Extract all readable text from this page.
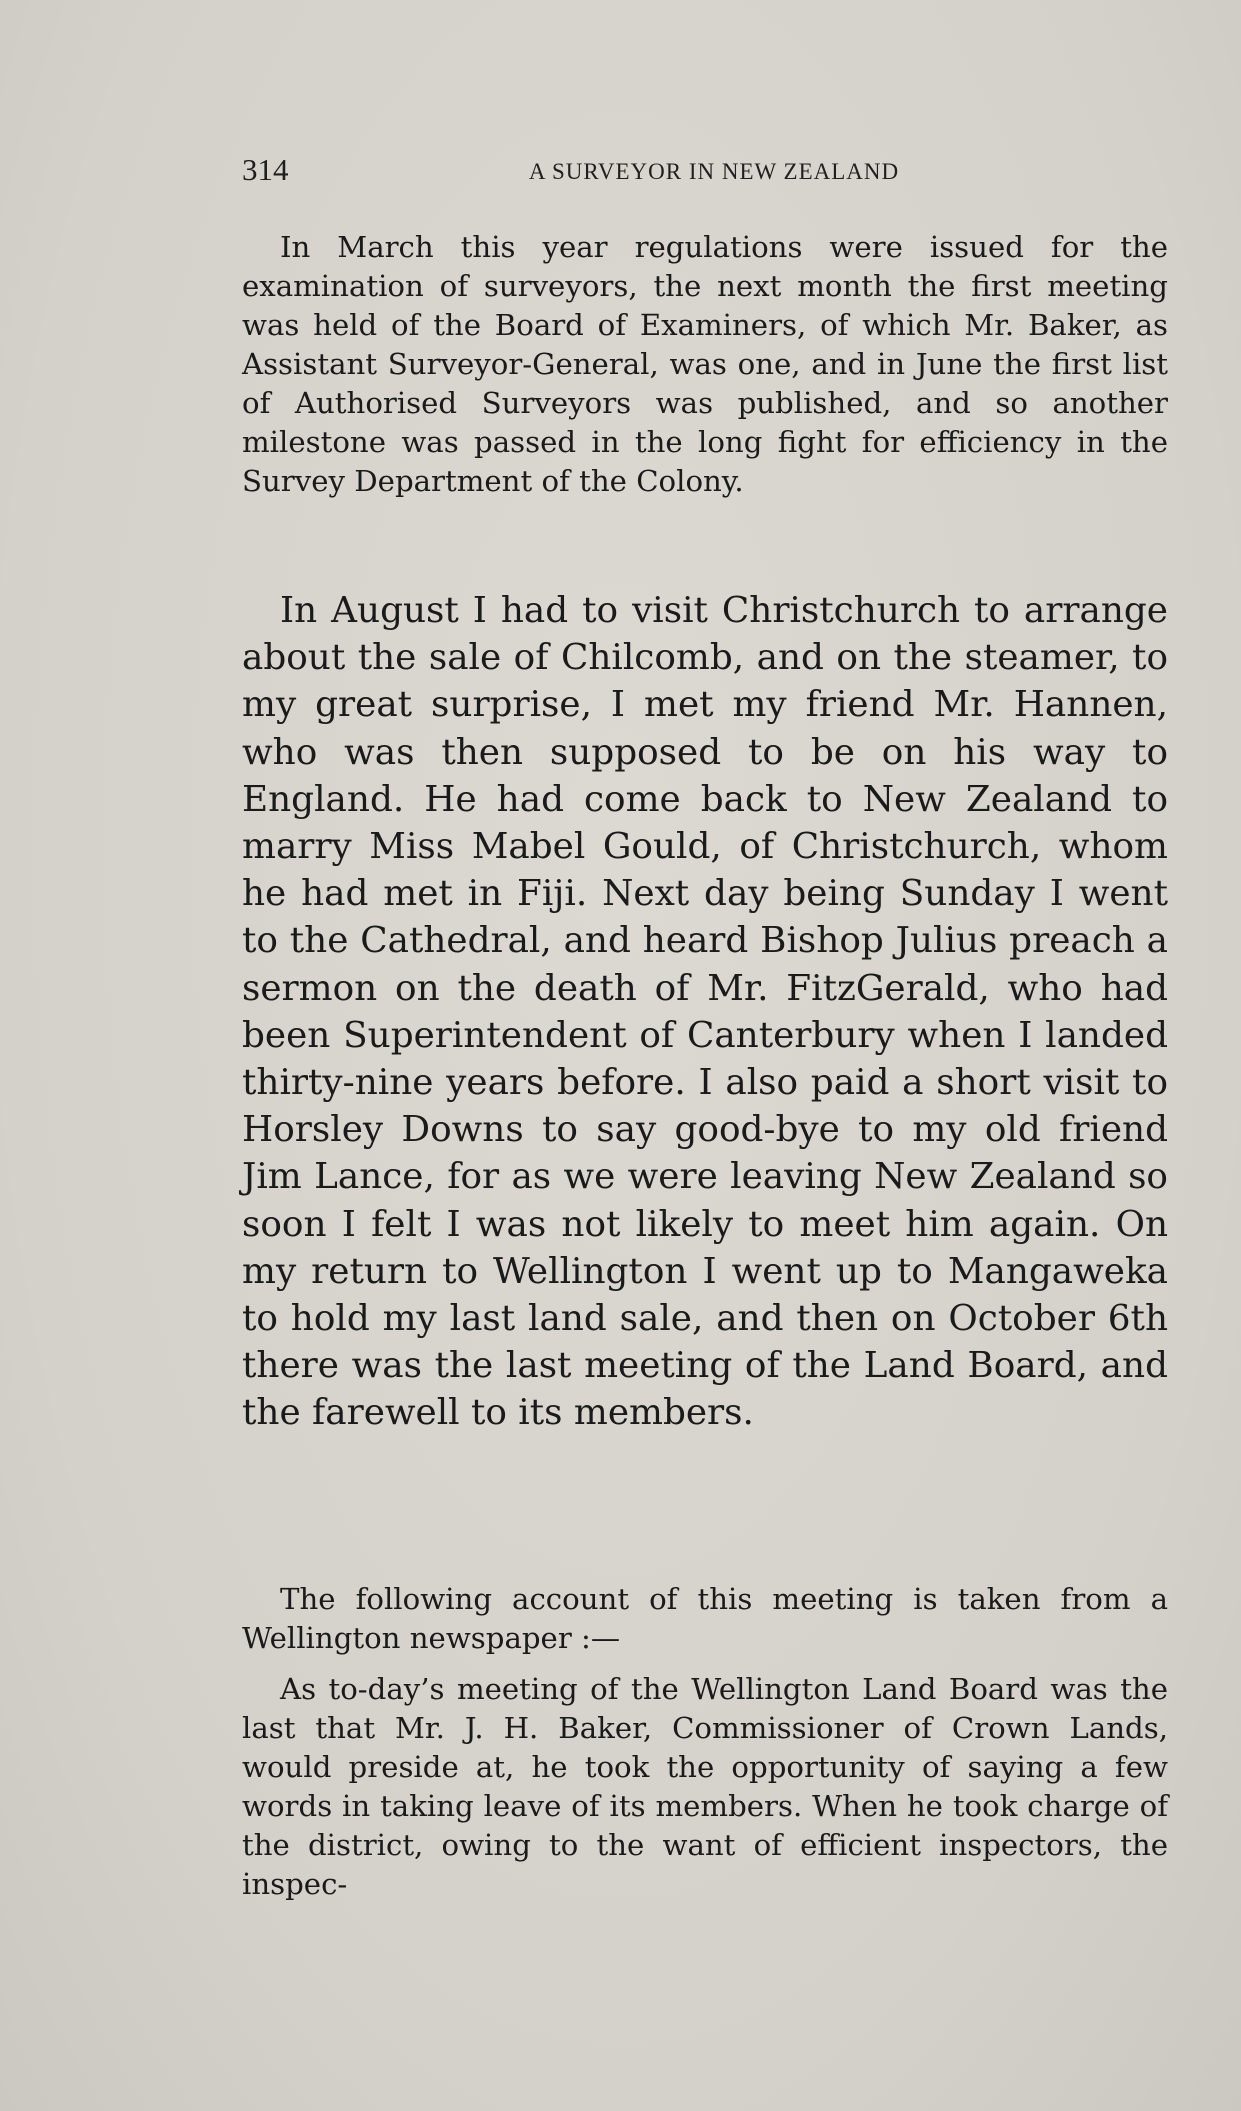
314	A SURVEYOR IN NEW ZEALAND

In March this year regulations were issued for the examination of surveyors, the next month the first meeting was held of the Board of Examiners, of which Mr. Baker, as Assistant Surveyor-General, was one, and in June the first list of Authorised Surveyors was published, and so another milestone was passed in the long fight for efficiency in the Survey Department of the Colony.

In August I had to visit Christchurch to arrange about the sale of Chilcomb, and on the steamer, to my great surprise, I met my friend Mr. Hannen, who was then supposed to be on his way to England. He had come back to New Zealand to marry Miss Mabel Gould, of Christchurch, whom he had met in Fiji. Next day being Sunday I went to the Cathedral, and heard Bishop Julius preach a sermon on the death of Mr. FitzGerald, who had been Superintendent of Canterbury when I landed thirty-nine years before. I also paid a short visit to Horsley Downs to say good-bye to my old friend Jim Lance, for as we were leaving New Zealand so soon I felt I was not likely to meet him again. On my return to Wellington I went up to Mangaweka to hold my last land sale, and then on October 6th there was the last meeting of the Land Board, and the farewell to its members.

The following account of this meeting is taken from a Wellington newspaper :—

As to-day’s meeting of the Wellington Land Board was the last that Mr. J. H. Baker, Commissioner of Crown Lands, would preside at, he took the opportunity of saying a few words in taking leave of its members. When he took charge of the district, owing to the want of efficient inspectors, the inspec-
